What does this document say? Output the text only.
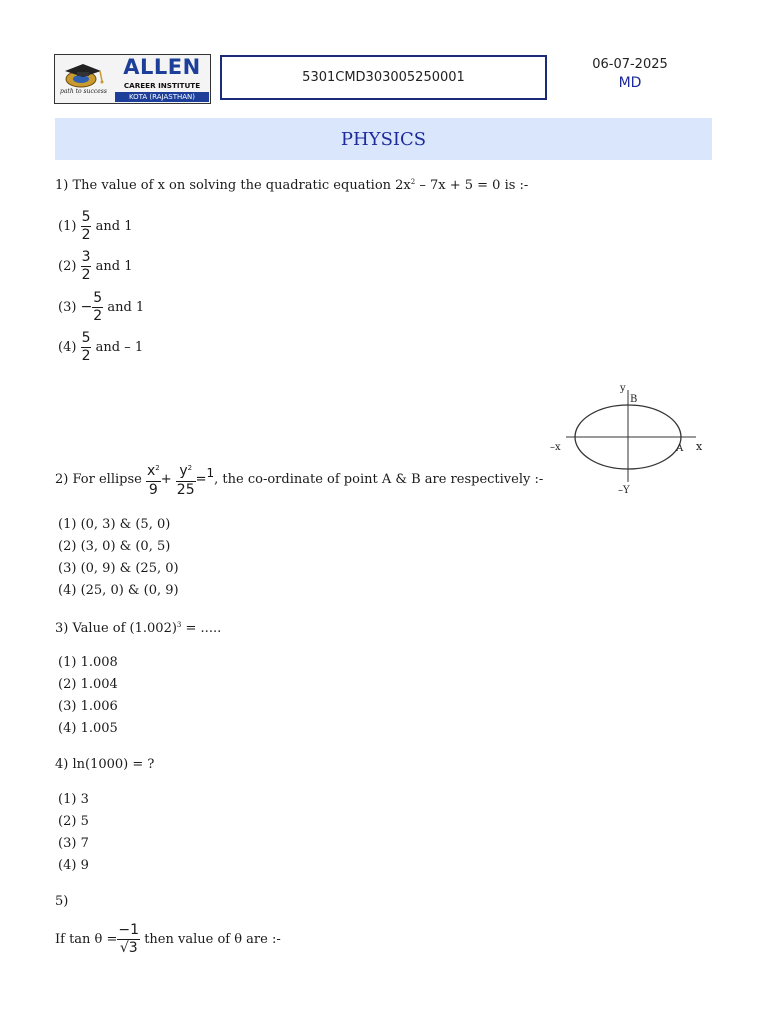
path to success
ALLEN
CAREER INSTITUTE
KOTA (RAJASTHAN)
5301CMD303005250001
06-07-2025
MD
PHYSICS
1) The value of x on solving the quadratic equation $2x^2 - 7x + 5 = 0$ is :-
$(1) \frac{5}{2}$ and 1
$(2) \frac{3}{2}$ and 1
$(3) - \frac{5}{2}$ and 1
$(4) \frac{5}{2}$ and – 1
y
B
–x	A x
–Y
2) For ellipse $\frac{x^2}{9} + \frac{y^2}{25} =1$, the co-ordinate of point A & B are respectively :-
(1) (0, 3) & (5, 0)
(2) (3, 0) & (0, 5)
(3) (0, 9) & (25, 0)
(4) (25, 0) & (0, 9)
3) Value of $(1.002)^3$ = .....
(1) 1.008
(2) 1.004
(3) 1.006
(4) 1.005
4) ln(1000) = ?
(1) 3
(2) 5
(3) 7
(4) 9
5)
If $\tan \theta = \frac{-1}{√3}$ then value of θ are :-
